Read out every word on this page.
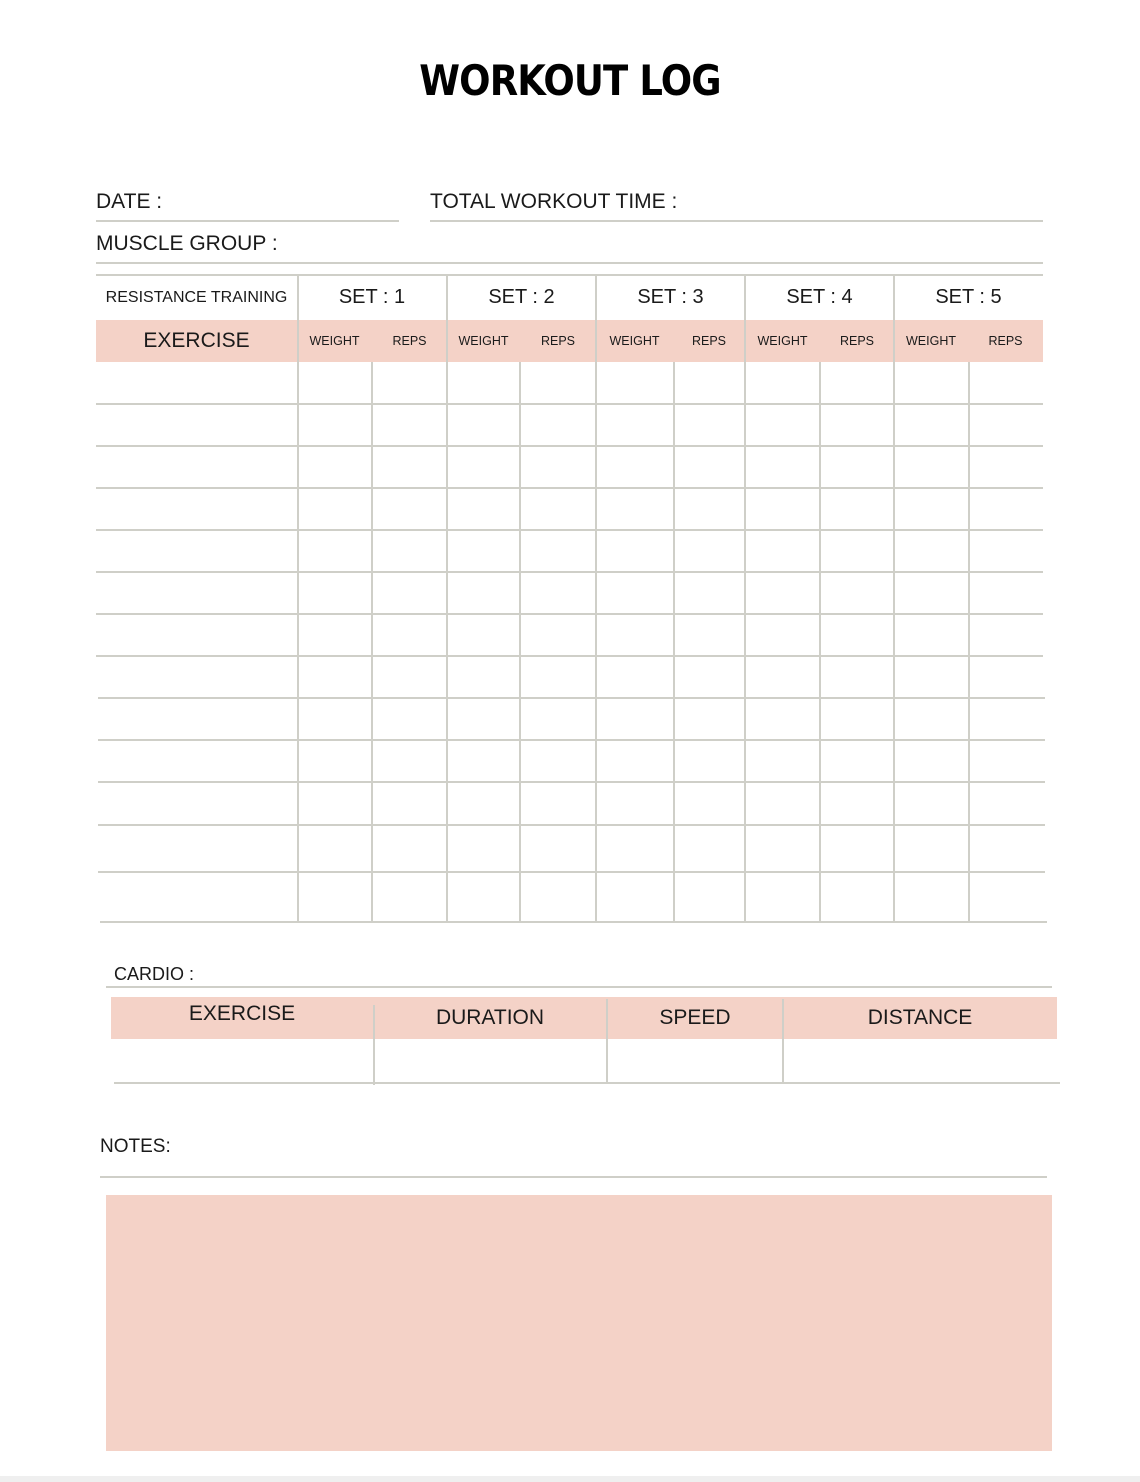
WORKOUT LOG
DATE :	TOTAL WORKOUT TIME :
MUSCLE GROUP :
RESISTANCE TRAINING	SET : 1	SET : 2	SET : 3	SET : 4	SET : 5
EXERCISE	WEIGHT	REPS	WEIGHT	REPS	WEIGHT	REPS	WEIGHT	REPS	WEIGHT	REPS
CARDIO :
EXERCISE	DURATION	SPEED	DISTANCE
NOTES:
